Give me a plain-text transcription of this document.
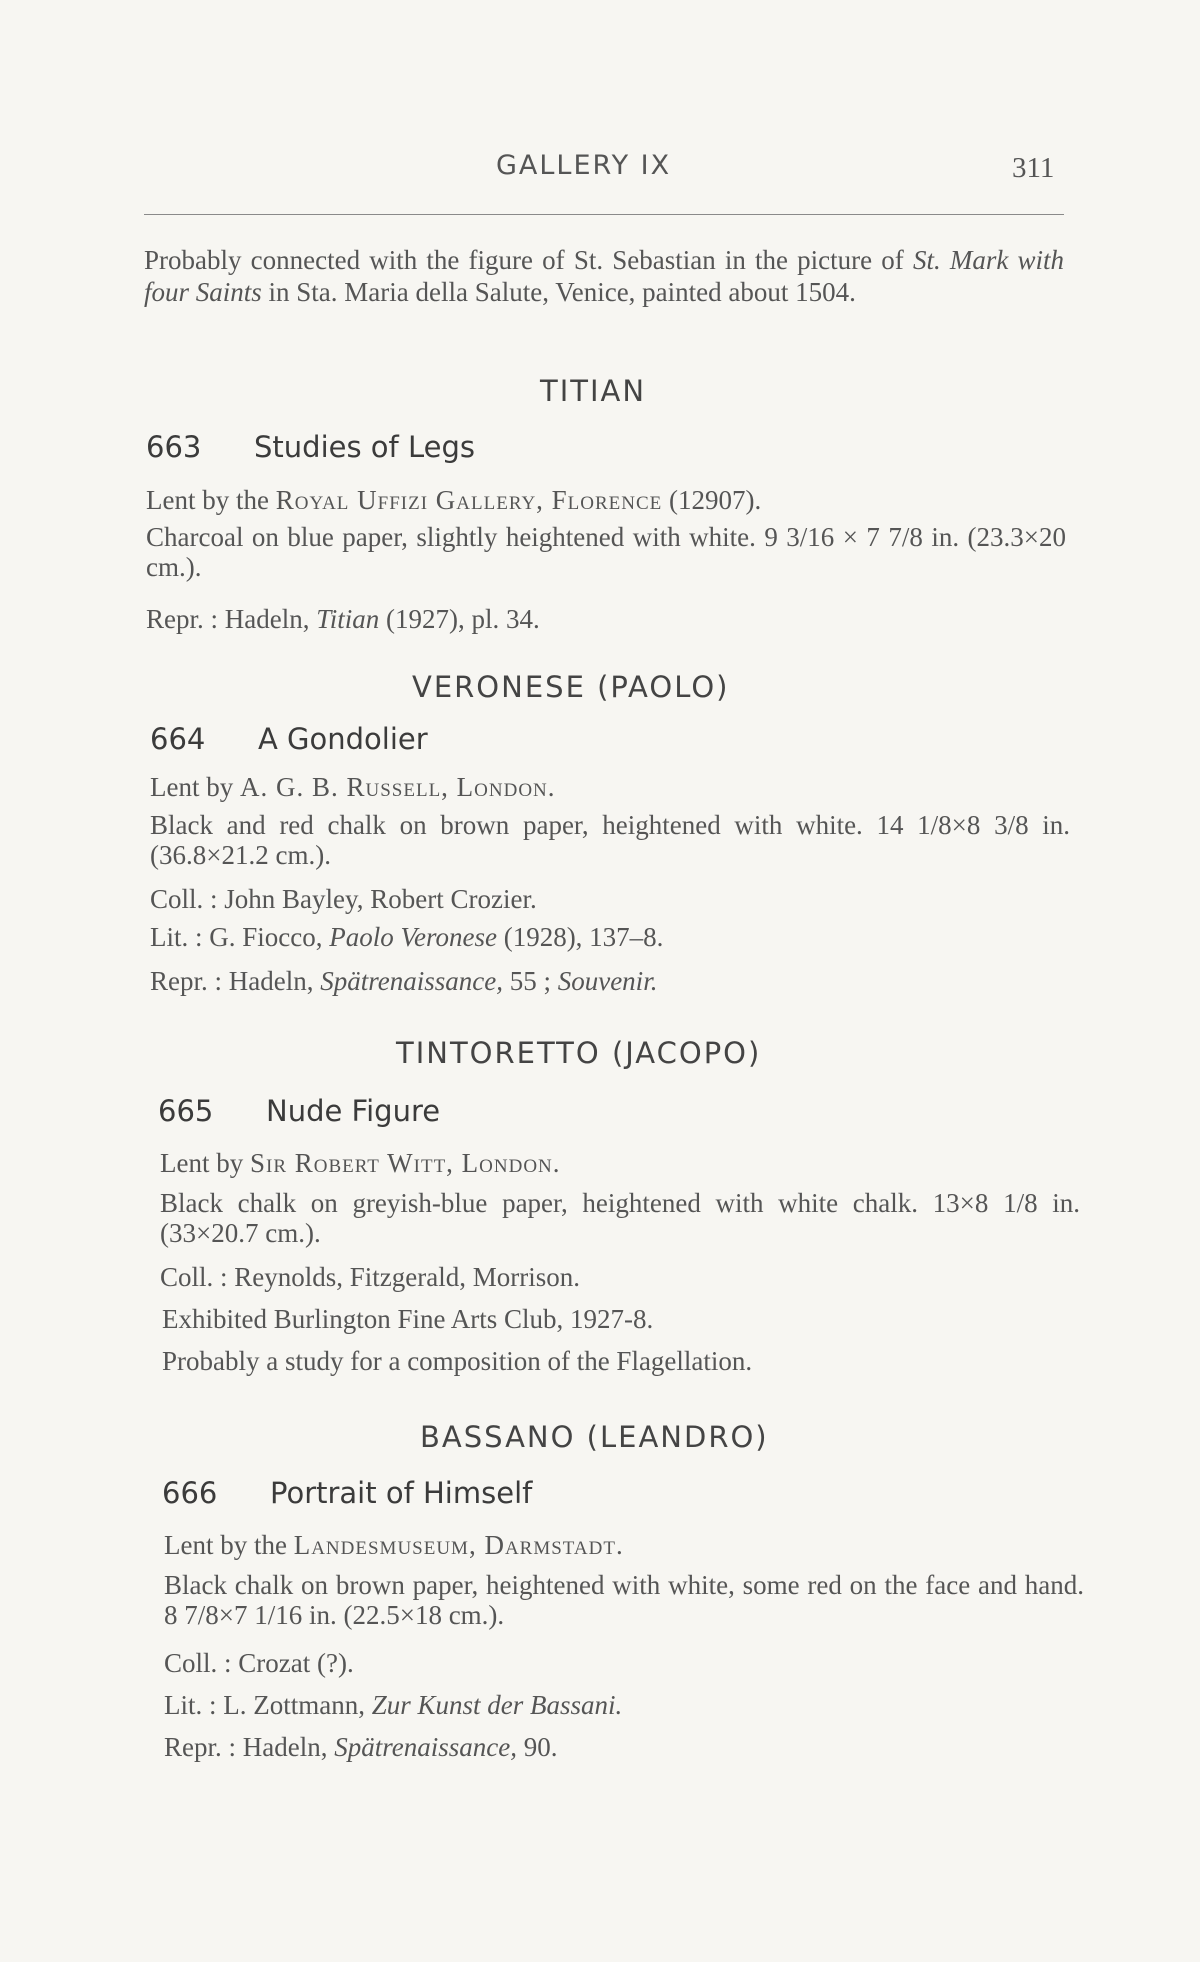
GALLERY IX	311
Probably connected with the figure of St. Sebastian in the picture of St. Mark with four Saints in Sta. Maria della Salute, Venice, painted about 1504.
TITIAN
663 Studies of Legs
Lent by the Royal Uffizi Gallery, Florence (12907).
Charcoal on blue paper, slightly heightened with white. 9 3/16 × 7 7/8 in. (23.3×20 cm.).
Repr. : Hadeln, Titian (1927), pl. 34.
VERONESE (PAOLO)
664 A Gondolier
Lent by A. G. B. Russell, London.
Black and red chalk on brown paper, heightened with white. 14 1/8×8 3/8 in. (36.8×21.2 cm.).
Coll. : John Bayley, Robert Crozier.
Lit. : G. Fiocco, Paolo Veronese (1928), 137–8.
Repr. : Hadeln, Spätrenaissance, 55 ; Souvenir.
TINTORETTO (JACOPO)
665 Nude Figure
Lent by Sir Robert Witt, London.
Black chalk on greyish-blue paper, heightened with white chalk. 13×8 1/8 in. (33×20.7 cm.).
Coll. : Reynolds, Fitzgerald, Morrison.
Exhibited Burlington Fine Arts Club, 1927-8.
Probably a study for a composition of the Flagellation.
BASSANO (LEANDRO)
666 Portrait of Himself
Lent by the Landesmuseum, Darmstadt.
Black chalk on brown paper, heightened with white, some red on the face and hand. 8 7/8×7 1/16 in. (22.5×18 cm.).
Coll. : Crozat (?).
Lit. : L. Zottmann, Zur Kunst der Bassani.
Repr. : Hadeln, Spätrenaissance, 90.
